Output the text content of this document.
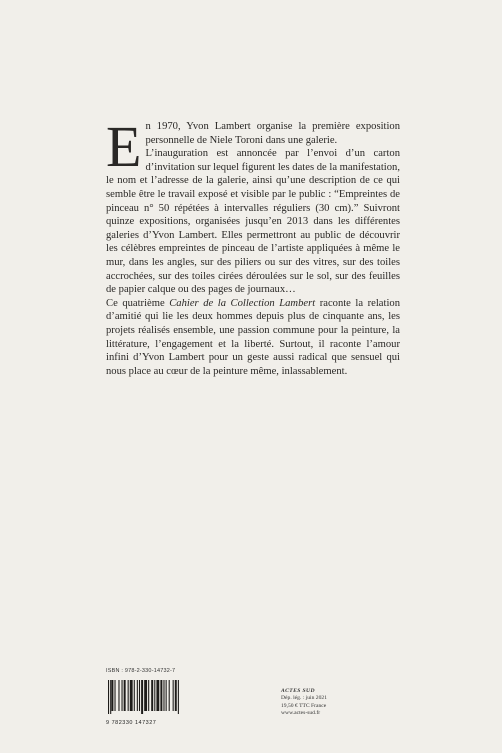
En 1970, Yvon Lambert organise la première exposition personnelle de Niele Toroni dans une galerie.

L’inauguration est annoncée par l’envoi d’un carton d’invitation sur lequel figurent les dates de la manifestation, le nom et l’adresse de la galerie, ainsi qu’une description de ce qui semble être le travail exposé et visible par le public : “Empreintes de pinceau n° 50 répétées à intervalles réguliers (30 cm).” Suivront quinze expositions, organisées jusqu’en 2013 dans les différentes galeries d’Yvon Lambert. Elles permettront au public de découvrir les célèbres empreintes de pinceau de l’artiste appliquées à même le mur, dans les angles, sur des piliers ou sur des vitres, sur des toiles accrochées, sur des toiles cirées déroulées sur le sol, sur des feuilles de papier calque ou des pages de journaux…

Ce quatrième Cahier de la Collection Lambert raconte la relation d’amitié qui lie les deux hommes depuis plus de cinquante ans, les projets réalisés ensemble, une passion commune pour la peinture, la littérature, l’engagement et la liberté. Surtout, il raconte l’amour infini d’Yvon Lambert pour un geste aussi radical que sensuel qui nous place au cœur de la peinture même, inlassablement.

ISBN : 978-2-330-14732-7
9 782330 147327
ACTES SUD
Dép. lég. : juin 2021
19,50 € TTC France
www.actes-sud.fr
